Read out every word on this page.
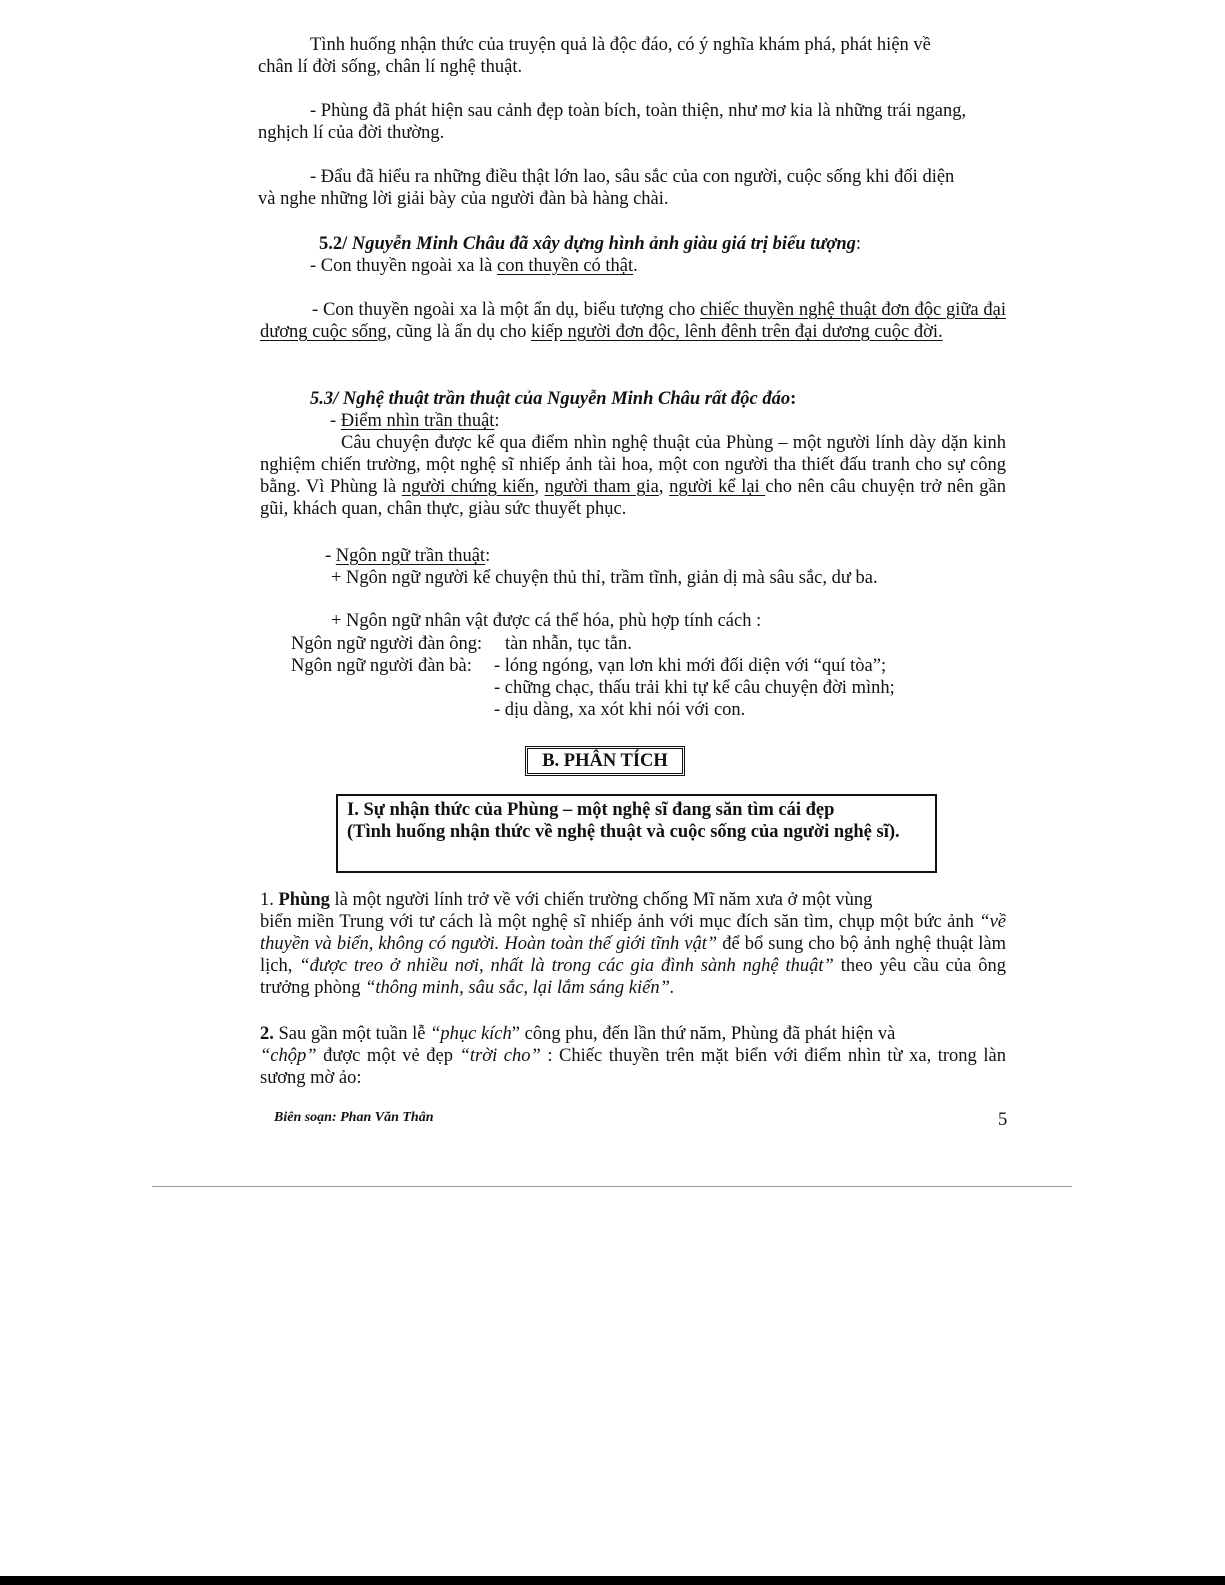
Tình huống nhận thức của truyện quả là độc đáo, có ý nghĩa khám phá, phát hiện về
chân lí đời sống, chân lí nghệ thuật.
- Phùng đã phát hiện sau cảnh đẹp toàn bích, toàn thiện, như mơ kia là những trái ngang,
nghịch lí của đời thường.
- Đẩu đã hiểu ra những điều thật lớn lao, sâu sắc của con người, cuộc sống khi đối diện
và nghe những lời giải bày của người đàn bà hàng chài.
5.2/ Nguyễn Minh Châu đã xây dựng hình ảnh giàu giá trị biểu tượng:
- Con thuyền ngoài xa là con thuyền có thật.
- Con thuyền ngoài xa là một ẩn dụ, biểu tượng cho chiếc thuyền nghệ thuật đơn độc giữa đại dương cuộc sống, cũng là ẩn dụ cho kiếp người đơn độc, lênh đênh trên đại dương cuộc đời.
5.3/ Nghệ thuật trần thuật của Nguyễn Minh Châu rất độc đáo:
- Điểm nhìn trần thuật:
Câu chuyện được kể qua điểm nhìn nghệ thuật của Phùng – một người lính dày dặn kinh nghiệm chiến trường, một nghệ sĩ nhiếp ảnh tài hoa, một con người tha thiết đấu tranh cho sự công bằng. Vì Phùng là người chứng kiến, người tham gia, người kể lại cho nên câu chuyện trở nên gần gũi, khách quan, chân thực, giàu sức thuyết phục.
- Ngôn ngữ trần thuật:
+ Ngôn ngữ người kể chuyện thủ thỉ, trầm tĩnh, giản dị mà sâu sắc, dư ba.
+ Ngôn ngữ nhân vật được cá thể hóa, phù hợp tính cách :
Ngôn ngữ người đàn ông: tàn nhẫn, tục tằn.
Ngôn ngữ người đàn bà: - lóng ngóng, vạn lơn khi mới đối diện với “quí tòa”;
- chững chạc, thấu trải khi tự kể câu chuyện đời mình;
- dịu dàng, xa xót khi nói với con.
B. PHÂN TÍCH
I. Sự nhận thức của Phùng – một nghệ sĩ đang săn tìm cái đẹp
(Tình huống nhận thức về nghệ thuật và cuộc sống của người nghệ sĩ).
1. Phùng là một người lính trở về với chiến trường chống Mĩ năm xưa ở một vùng
biển miền Trung với tư cách là một nghệ sĩ nhiếp ảnh với mục đích săn tìm, chụp một bức ảnh “về thuyền và biển, không có người. Hoàn toàn thế giới tĩnh vật” để bổ sung cho bộ ảnh nghệ thuật làm lịch, “được treo ở nhiều nơi, nhất là trong các gia đình sành nghệ thuật” theo yêu cầu của ông trưởng phòng “thông minh, sâu sắc, lại lắm sáng kiến”.
2. Sau gần một tuần lễ “phục kích” công phu, đến lần thứ năm, Phùng đã phát hiện và
“chộp” được một vẻ đẹp “trời cho” : Chiếc thuyền trên mặt biển với điểm nhìn từ xa, trong làn sương mờ ảo:
Biên soạn: Phan Văn Thân	5
